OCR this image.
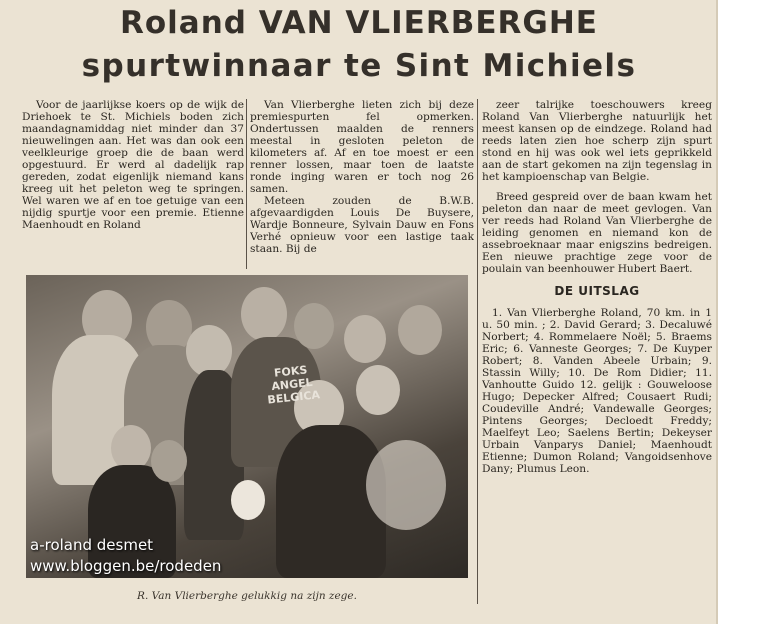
Roland VAN VLIERBERGHE
spurtwinnaar te Sint Michiels

Voor de jaarlijkse koers op de wijk de Driehoek te St. Michiels boden zich maandagnamiddag niet minder dan 37 nieuwelingen aan. Het was dan ook een veelkleurige groep die de baan werd opgestuurd. Er werd al dadelijk rap gereden, zodat eigenlijk niemand kans kreeg uit het peleton weg te springen. Wel waren we af en toe getuige van een nijdig spurtje voor een premie. Etienne Maenhoudt en Roland

Van Vlierberghe lieten zich bij deze premiespurten fel opmerken. Ondertussen maalden de renners meestal in gesloten peleton de kilometers af. Af en toe moest er een renner lossen, maar toen de laatste ronde inging waren er toch nog 26 samen.

Meteen zouden de B.W.B. afgevaardigden Louis De Buysere, Wardje Bonneure, Sylvain Dauw en Fons Verhé opnieuw voor een lastige taak staan. Bij de

zeer talrijke toeschouwers kreeg Roland Van Vlierberghe natuurlijk het meest kansen op de eindzege. Roland had reeds laten zien hoe scherp zijn spurt stond en hij was ook wel iets geprikkeld aan de start gekomen na zijn tegenslag in het kampioenschap van Belgie.

Breed gespreid over de baan kwam het peleton dan naar de meet gevlogen. Van ver reeds had Roland Van Vlierberghe de leiding genomen en niemand kon de assebroeknaar maar enigszins bedreigen. Een nieuwe prachtige zege voor de poulain van beenhouwer Hubert Baert.

DE UITSLAG

1. Van Vlierberghe Roland, 70 km. in 1 u. 50 min. ; 2. David Gerard; 3. Decaluwé Norbert; 4. Rommelaere Noël; 5. Braems Eric; 6. Vanneste Georges; 7. De Kuyper Robert; 8. Vanden Abeele Urbain; 9. Stassin Willy; 10. De Rom Didier; 11. Vanhoutte Guido 12. gelijk : Gouweloose Hugo; Depecker Alfred; Cousaert Rudi; Coudeville André; Vandewalle Georges; Pintens Georges; Decloedt Freddy; Maelfeyt Leo; Saelens Bertin; Dekeyser Urbain Vanparys Daniel; Maenhoudt Etienne; Dumon Roland; Vangoidsenhove Dany; Plumus Leon.

FOKS
ANGEL
BELGICA
a-roland desmet
www.bloggen.be/rodeden
R. Van Vlierberghe gelukkig na zijn zege.
